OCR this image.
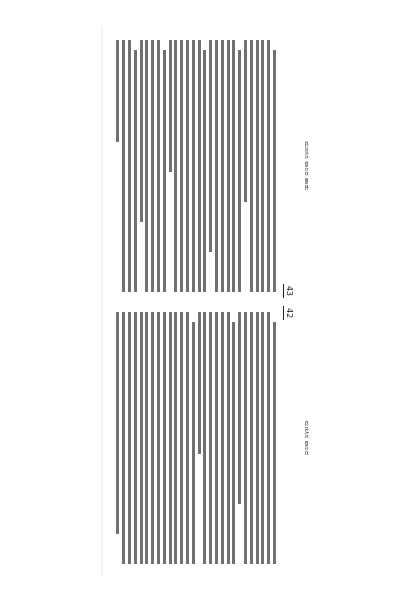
ಮಣಸಿನ ಪಾಲದ ಹಾಡು
43
ಮಣಸಿನ ಪಾಲದ
42
